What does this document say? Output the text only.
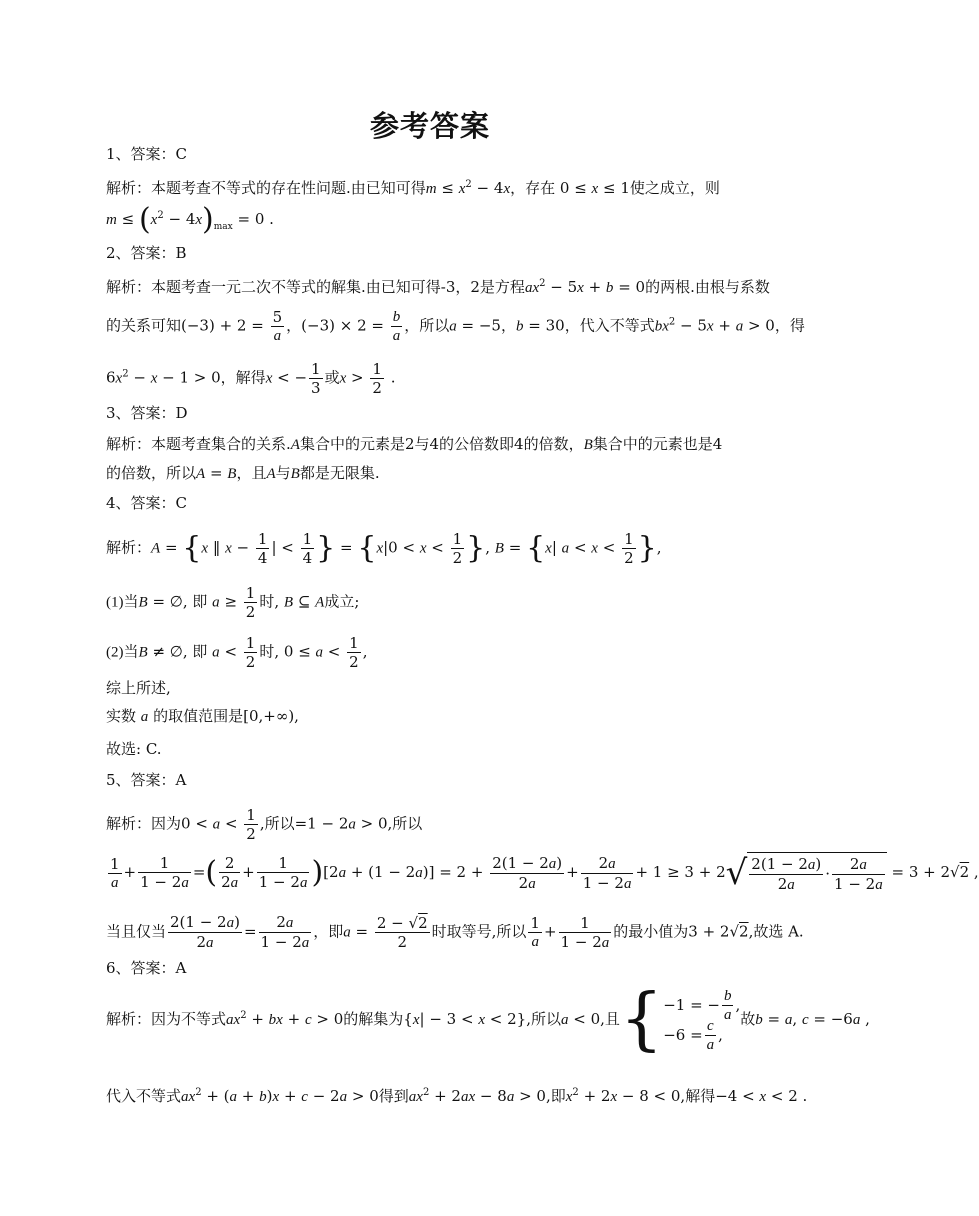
参考答案
1、答案：C
解析：本题考查不等式的存在性问题.由已知可得$m \le x^2 - 4x$，存在 0 ≤ x ≤ 1使之成立，则
$m \le (x^2 - 4x)_{max} = 0$ .
2、答案：B
解析：本题考查一元二次不等式的解集.由已知可得-3，2是方程$ax^2 - 5x + b = 0$的两根.由根与系数
的关系可知$(-3) + 2 = \frac{5}{a}$ ，$(-3) \times 2 = \frac{b}{a}$ ，所以a = −5，b = 30，代入不等式$bx^2 - 5x + a > 0$，得
$6x^2 - x - 1 > 0$，解得x < − $\frac{1}{3}$ 或$x > \frac{1}{2}$ .
3、答案：D
解析：本题考查集合的关系.A集合中的元素是2与4的公倍数即4的倍数，B集合中的元素也是4
的倍数，所以A = B，且A与B都是无限集.
4、答案：C
解析：A = {x ‖ $x - \frac{1}{4}$ | < $\frac{1}{4}$ } = {$x|0 < x < \frac{1}{2}$ }, B = {x| $a < x < \frac{1}{2}$ },
(1)当B = ∅, 即 $a \ge \frac{1}{2}$ 时, B ⊆ A成立;
(2)当B ≠ ∅, 即 $a < \frac{1}{2}$ 时, $0 \le a < \frac{1}{2}$ ,
综上所述,
实数 a 的取值范围是[0,+∞),
故选: C.
5、答案：A
解析：因为$0 < a < \frac{1}{2}$ ,所以=1 − 2a > 0,所以
$\frac{1}{a} + \frac{1}{1 - 2a}$ =( $\frac{2}{2a} + \frac{1}{1 - 2a} )[2a + (1 - 2a)] = 2 + \frac{2(1 - 2a)}{2a} + \frac{2a}{1 - 2a} + 1 \ge 3 + 2√ \frac{2(1 - 2a)}{2a} \cdot \frac{2a}{1 - 2a} = 3 + 2√2$ ,
当且仅当 $\frac{2(1 - 2a)}{2a} = \frac{2a}{1 - 2a}$ ，即$a = \frac{2 - √2}{2}$ 时取等号,所以 $\frac{1}{a} + \frac{1}{1 - 2a}$ 的最小值为3 + 2√2,故选 A.
6、答案：A
解析：因为不等式$ax^2$ + bx + c > 0的解集为{x| − 3 < x < 2},所以a < 0,且{ −1 = − $\frac{b}{a}$ ,
$-6 = \frac{c}{a}$ ,
故b = a, c = −6a ,
代入不等式$ax^2 + (a + b)x + c - 2a > 0$得到$ax^2 + 2ax - 8a > 0$,即$x^2 + 2x - 8 < 0$,解得−4 < x < 2 .
